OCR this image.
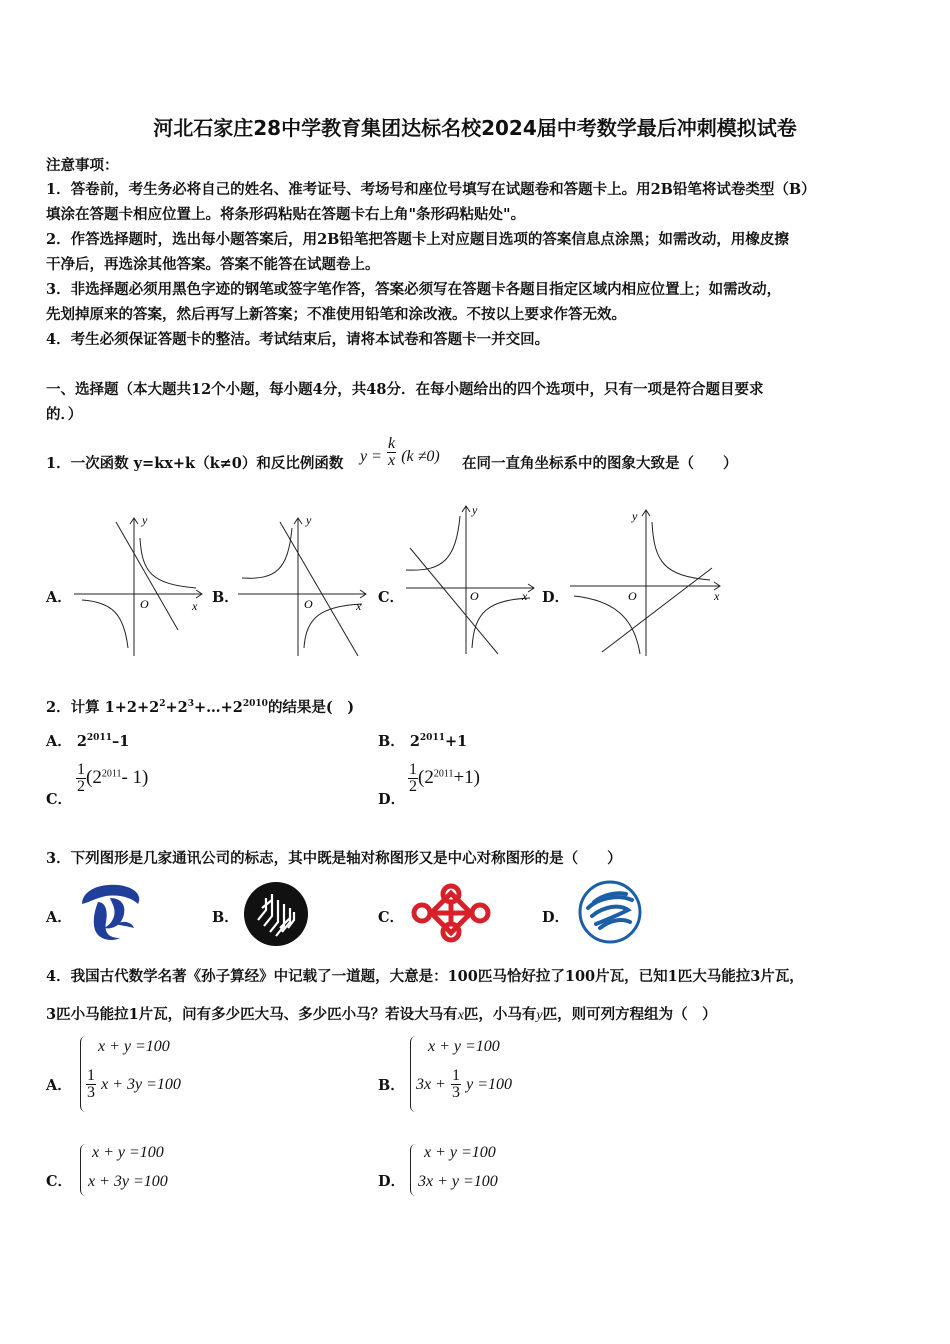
河北石家庄28中学教育集团达标名校2024届中考数学最后冲刺模拟试卷
注意事项：
1．答卷前，考生务必将自己的姓名、准考证号、考场号和座位号填写在试题卷和答题卡上。用2B铅笔将试卷类型（B）
填涂在答题卡相应位置上。将条形码粘贴在答题卡右上角"条形码粘贴处"。
2．作答选择题时，选出每小题答案后，用2B铅笔把答题卡上对应题目选项的答案信息点涂黑；如需改动，用橡皮擦
干净后，再选涂其他答案。答案不能答在试题卷上。
3．非选择题必须用黑色字迹的钢笔或签字笔作答，答案必须写在答题卡各题目指定区域内相应位置上；如需改动，
先划掉原来的答案，然后再写上新答案；不准使用铅笔和涂改液。不按以上要求作答无效。
4．考生必须保证答题卡的整洁。考试结束后，请将本试卷和答题卡一并交回。
一、选择题（本大题共12个小题，每小题4分，共48分．在每小题给出的四个选项中，只有一项是符合题目要求
的．）
1．一次函数 y=kx+k（k≠0）和反比例函数 $y = \frac{k}{x} (k \ne 0)$ 在同一直角坐标系中的图象大致是（　　）
A．	B．	C．	D．
y
x
O
y
x
O
y
x
O
y
x
O
2．计算 $1+2+2^2+2^3+\dots+2^{2010}$的结果是(　)
A． $2^{2011}-1$	B． $2^{2011}+1$
C．
$\frac{1}{2} (2^{2011}-$ 1)
D．
$\frac{1}{2} (2^{2011}+1)$
3．下列图形是几家通讯公司的标志，其中既是轴对称图形又是中心对称图形的是（　　）
A．	B．	C．	D．
4．我国古代数学名著《孙子算经》中记载了一道题，大意是：100匹马恰好拉了100片瓦，已知1匹大马能拉3片瓦，
3匹小马能拉1片瓦，问有多少匹大马、多少匹小马？若设大马有x匹，小马有y匹，则可列方程组为（　）
A．
x + y =100
$\frac{1}{3}$ x + 3y =100	B．
x + y =100
$3x + \frac{1}{3}$ y =100
C．
x + y =100
x + 3y =100	D．
x + y =100
3x + y =100
